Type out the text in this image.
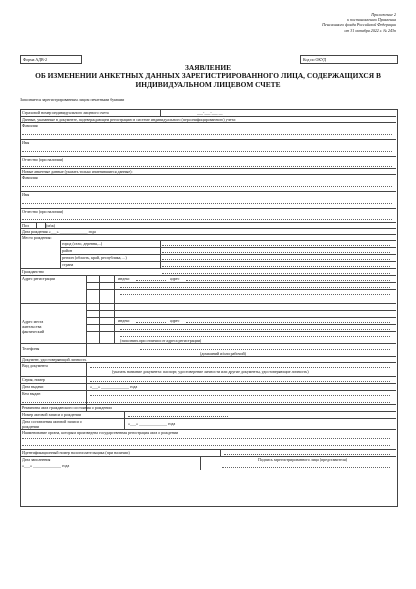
Приложение 2
к постановлению Правления
Пенсионного фонда Российской Федерации
от 31 октября 2022 г. № 243п
Форма АДВ-2	Код по ОКУД
ЗАЯВЛЕНИЕ
ОБ ИЗМЕНЕНИИ АНКЕТНЫХ ДАННЫХ ЗАРЕГИСТРИРОВАННОГО ЛИЦА, СОДЕРЖАЩИХСЯ В
ИНДИВИДУАЛЬНОМ ЛИЦЕВОМ СЧЕТЕ
Заполняется зарегистрированным лицом печатными буквами
Страховой номер индивидуального лицевого счета	___-___-___ __
Данные, указанные в документе, подтверждающем регистрацию в системе индивидуального (персонифицированного) учета:
Фамилия
Имя
Отчество (при наличии)
Новые анкетные данные (указать только изменившиеся данные):
Фамилия
Имя
Отчество (при наличии)
Пол	(м/ж)
Дата рождения «___» ______________ года
Место рождения:
город (село, деревня,...)
район
регион (область, край, республика, ...)
страна
Гражданство
Адрес регистрации	индекс	адрес
Адрес места
жительства
фактический
индекс	адрес
(заполнять при отличии от адреса регистрации)
Телефоны
(домашний и/или рабочий)
Документ, удостоверяющий личность
Вид документа
(указать название документа: паспорт, удостоверение личности или другие документы, удостоверяющие личность)
Серия, номер
Дата выдачи	«___» ______________ года
Кем выдан
Реквизиты акта гражданского состояния о рождении
Номер актовой записи о рождении
Дата составления актовой записи о
рождении
«___» ______________ года
Наименование органа, которым произведена государственная регистрация акта о рождении
Идентификационный номер налогоплательщика (при наличии)
Дата заполнения
«___» ______________ года
Подпись зарегистрированного лица (представителя)
